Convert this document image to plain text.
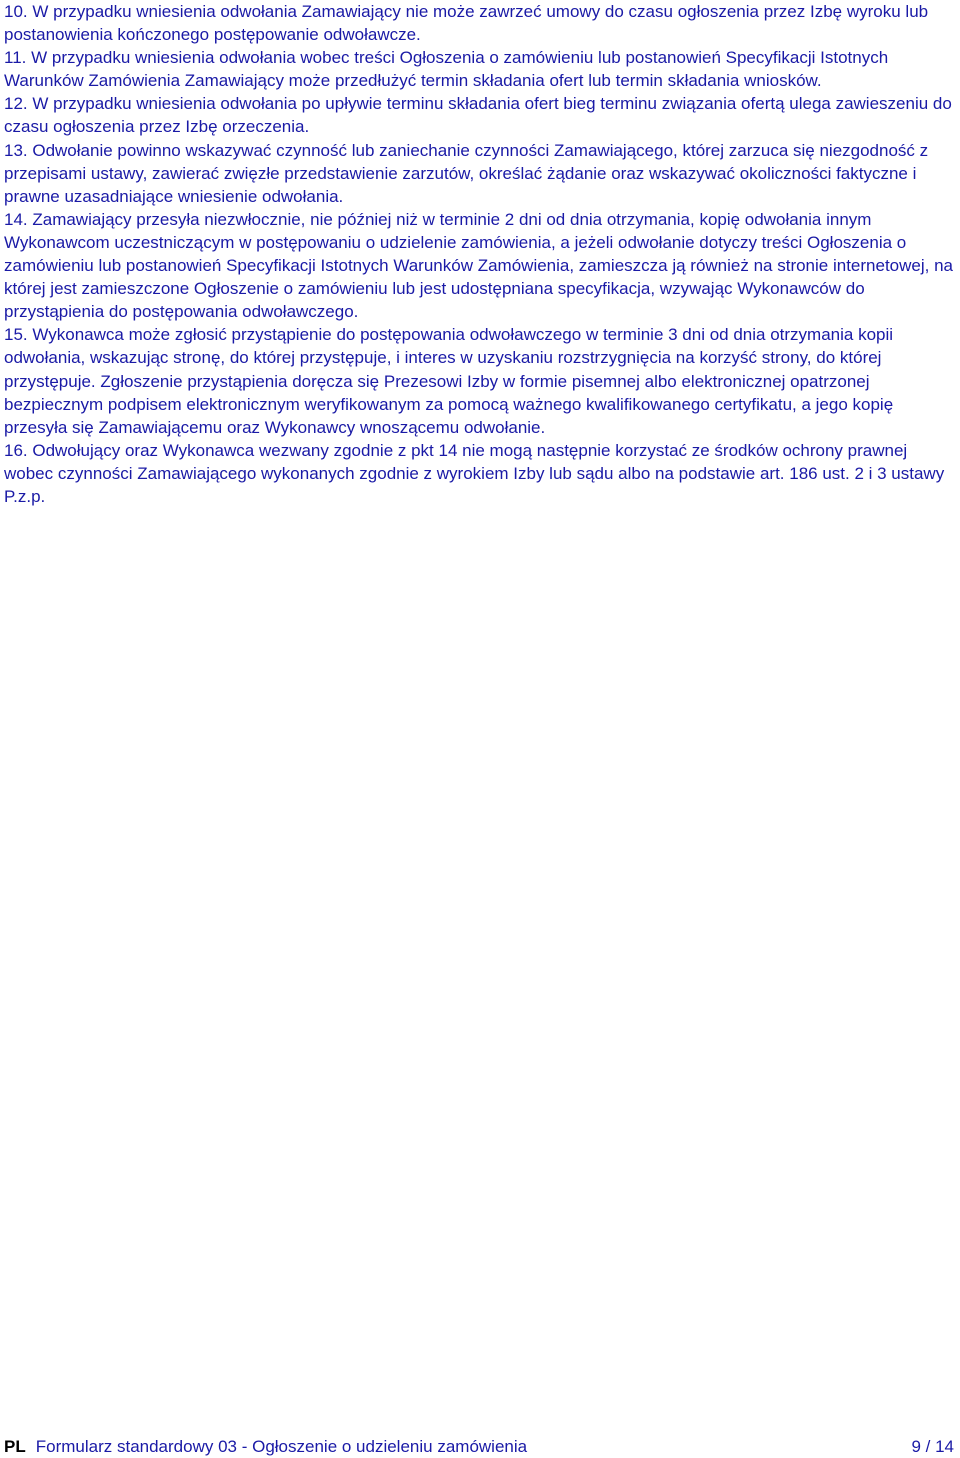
10. W przypadku wniesienia odwołania Zamawiający nie może zawrzeć umowy do czasu ogłoszenia przez Izbę wyroku lub postanowienia kończonego postępowanie odwoławcze.

11. W przypadku wniesienia odwołania wobec treści Ogłoszenia o zamówieniu lub postanowień Specyfikacji Istotnych Warunków Zamówienia Zamawiający może przedłużyć termin składania ofert lub termin składania wniosków.

12. W przypadku wniesienia odwołania po upływie terminu składania ofert bieg terminu związania ofertą ulega zawieszeniu do czasu ogłoszenia przez Izbę orzeczenia.

13. Odwołanie powinno wskazywać czynność lub zaniechanie czynności Zamawiającego, której zarzuca się niezgodność z przepisami ustawy, zawierać zwięzłe przedstawienie zarzutów, określać żądanie oraz wskazywać okoliczności faktyczne i prawne uzasadniające wniesienie odwołania.

14. Zamawiający przesyła niezwłocznie, nie później niż w terminie 2 dni od dnia otrzymania, kopię odwołania innym Wykonawcom uczestniczącym w postępowaniu o udzielenie zamówienia, a jeżeli odwołanie dotyczy treści Ogłoszenia o zamówieniu lub postanowień Specyfikacji Istotnych Warunków Zamówienia, zamieszcza ją również na stronie internetowej, na której jest zamieszczone Ogłoszenie o zamówieniu lub jest udostępniana specyfikacja, wzywając Wykonawców do przystąpienia do postępowania odwoławczego.

15. Wykonawca może zgłosić przystąpienie do postępowania odwoławczego w terminie 3 dni od dnia otrzymania kopii odwołania, wskazując stronę, do której przystępuje, i interes w uzyskaniu rozstrzygnięcia na korzyść strony, do której przystępuje. Zgłoszenie przystąpienia doręcza się Prezesowi Izby w formie pisemnej albo elektronicznej opatrzonej bezpiecznym podpisem elektronicznym weryfikowanym za pomocą ważnego kwalifikowanego certyfikatu, a jego kopię przesyła się Zamawiającemu oraz Wykonawcy wnoszącemu odwołanie.

16. Odwołujący oraz Wykonawca wezwany zgodnie z pkt 14 nie mogą następnie korzystać ze środków ochrony prawnej wobec czynności Zamawiającego wykonanych zgodnie z wyrokiem Izby lub sądu albo na podstawie art. 186 ust. 2 i 3 ustawy P.z.p.

PL Formularz standardowy 03 - Ogłoszenie o udzieleniu zamówienia	9 / 14
